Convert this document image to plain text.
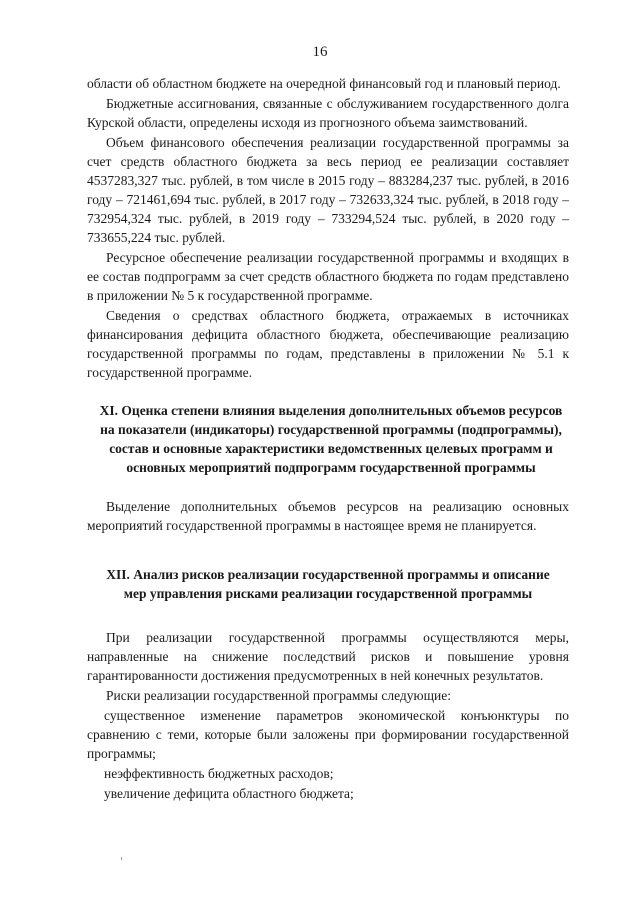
16

области об областном бюджете на очередной финансовый год и плановый период.

Бюджетные ассигнования, связанные с обслуживанием государственного долга Курской области, определены исходя из прогнозного объема заимствований.

Объем финансового обеспечения реализации государственной программы за счет средств областного бюджета за весь период ее реализации составляет 4537283,327 тыс. рублей, в том числе в 2015 году – 883284,237 тыс. рублей, в 2016 году – 721461,694 тыс. рублей, в 2017 году – 732633,324 тыс. рублей, в 2018 году – 732954,324 тыс. рублей, в 2019 году – 733294,524 тыс. рублей, в 2020 году – 733655,224 тыс. рублей.

Ресурсное обеспечение реализации государственной программы и входящих в ее состав подпрограмм за счет средств областного бюджета по годам представлено в приложении № 5 к государственной программе.

Сведения о средствах областного бюджета, отражаемых в источниках финансирования дефицита областного бюджета, обеспечивающие реализацию государственной программы по годам, представлены в приложении № 5.1 к государственной программе.

XI. Оценка степени влияния выделения дополнительных объемов ресурсов на показатели (индикаторы) государственной программы (подпрограммы), состав и основные характеристики ведомственных целевых программ и основных мероприятий подпрограмм государственной программы

Выделение дополнительных объемов ресурсов на реализацию основных мероприятий государственной программы в настоящее время не планируется.

XII. Анализ рисков реализации государственной программы и описание мер управления рисками реализации государственной программы

При реализации государственной программы осуществляются меры, направленные на снижение последствий рисков и повышение уровня гарантированности достижения предусмотренных в ней конечных результатов.

Риски реализации государственной программы следующие:

существенное изменение параметров экономической конъюнктуры по сравнению с теми, которые были заложены при формировании государственной программы;

неэффективность бюджетных расходов;

увеличение дефицита областного бюджета;
